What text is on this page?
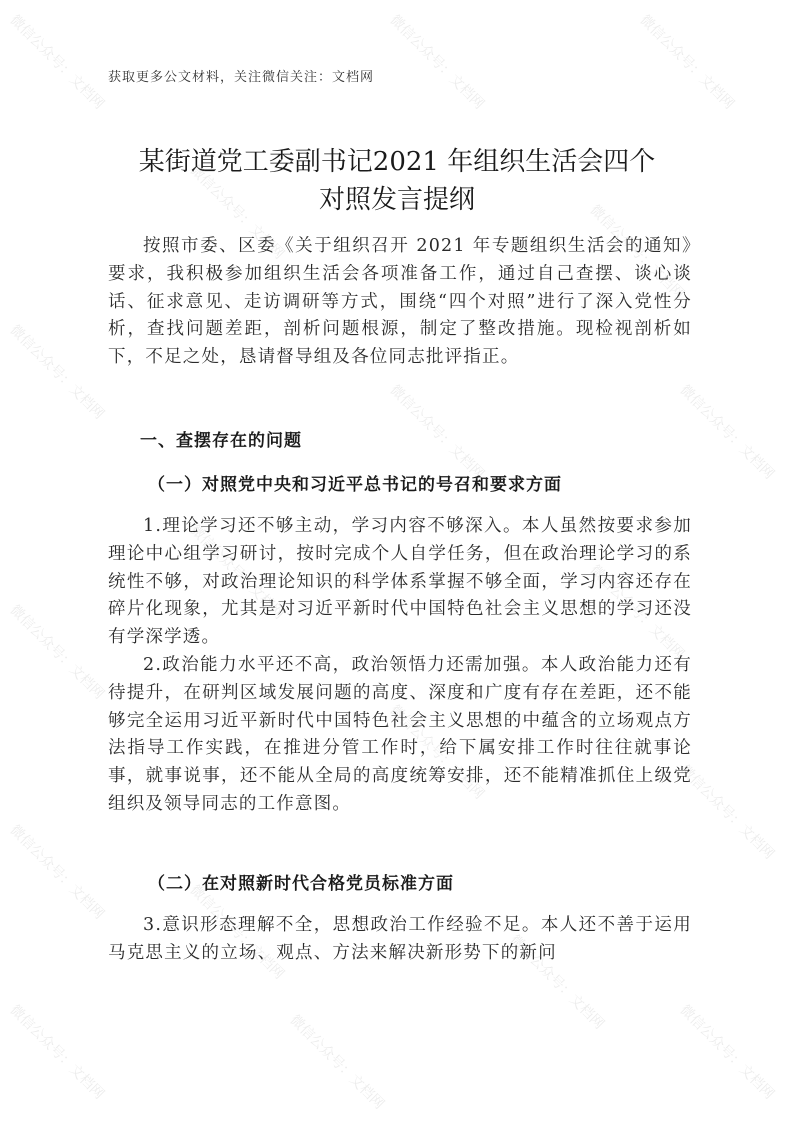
获取更多公文材料，关注微信关注：文档网
某街道党工委副书记2021 年组织生活会四个
对照发言提纲

按照市委、区委《关于组织召开 2021 年专题组织生活会的通知》要求，我积极参加组织生活会各项准备工作，通过自己查摆、谈心谈话、征求意见、走访调研等方式，围绕“四个对照”进行了深入党性分析，查找问题差距，剖析问题根源，制定了整改措施。现检视剖析如下，不足之处，恳请督导组及各位同志批评指正。

一、查摆存在的问题
（一）对照党中央和习近平总书记的号召和要求方面

1.理论学习还不够主动，学习内容不够深入。本人虽然按要求参加理论中心组学习研讨，按时完成个人自学任务，但在政治理论学习的系统性不够，对政治理论知识的科学体系掌握不够全面，学习内容还存在碎片化现象，尤其是对习近平新时代中国特色社会主义思想的学习还没有学深学透。

2.政治能力水平还不高，政治领悟力还需加强。本人政治能力还有待提升，在研判区域发展问题的高度、深度和广度有存在差距，还不能够完全运用习近平新时代中国特色社会主义思想的中蕴含的立场观点方法指导工作实践，在推进分管工作时，给下属安排工作时往往就事论事，就事说事，还不能从全局的高度统筹安排，还不能精准抓住上级党组织及领导同志的工作意图。

（二）在对照新时代合格党员标准方面

3.意识形态理解不全，思想政治工作经验不足。本人还不善于运用马克思主义的立场、观点、方法来解决新形势下的新问

微信公众号：文档网	微信公众号：文档网	微信公众号：文档网
微信公众号：文档网	微信公众号：文档网
微信公众号：文档网
微信公众号：文档网	微信公众号：文档网
微信公众号：文档网
微信公众号：文档网	微信公众号：文档网
微信公众号：文档网
微信公众号：文档网
微信公众号：文档网
微信公众号：文档网	微信公众号：文档网
微信公众号：文档网	微信公众号：文档网	微信公众号：文档网
